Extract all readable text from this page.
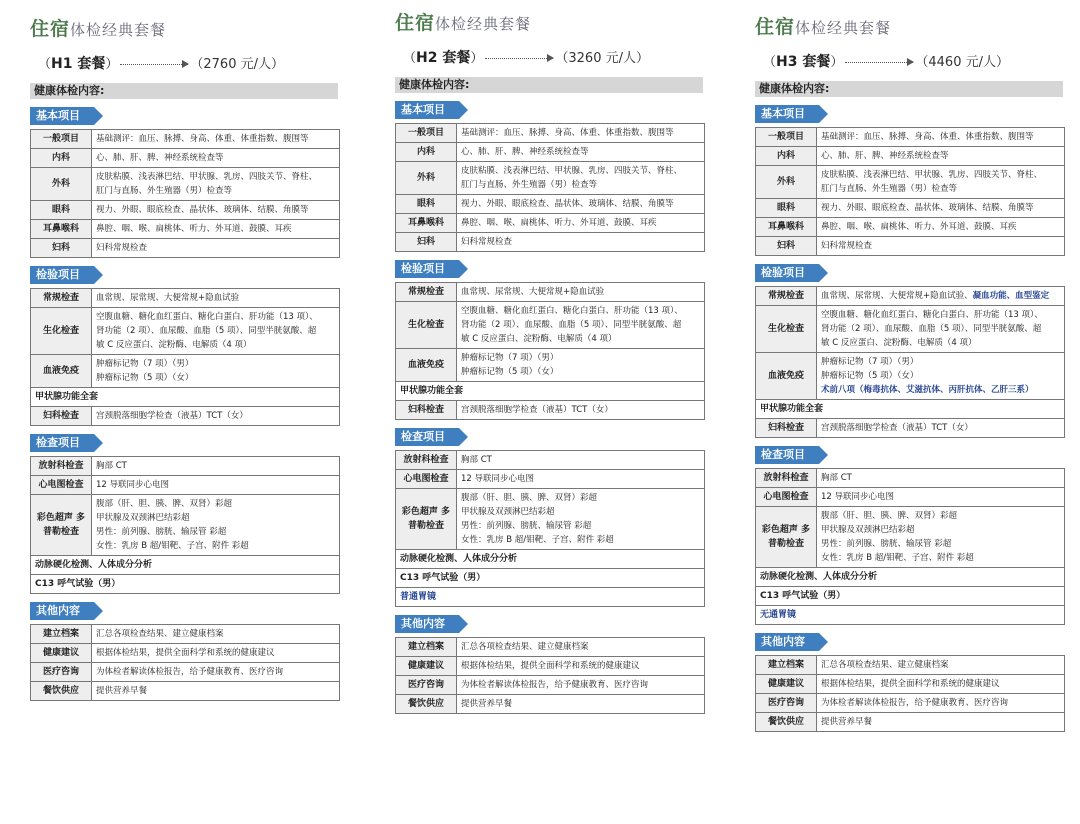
住宿体检经典套餐
（H1 套餐）	（2760 元/人）
健康体检内容:
基本项目
一般项目	基础测评：血压、脉搏、身高、体重、体重指数、腹围等

内科	心、肺、肝、脾、神经系统检查等

外科	皮肤粘膜、浅表淋巴结、甲状腺、乳房、四肢关节、脊柱、
肛门与直肠、外生殖器（男）检查等

眼科	视力、外眼、眼底检查、晶状体、玻璃体、结膜、角膜等

耳鼻喉科	鼻腔、咽、喉、扁桃体、听力、外耳道、鼓膜、耳疾

妇科	妇科常规检查
检验项目
常规检查	血常规、尿常规、大便常规+隐血试验

生化检查	空腹血糖、糖化血红蛋白、糖化白蛋白、肝功能（13 项）、
肾功能（2 项）、血尿酸、血脂（5 项）、同型半胱氨酸、超
敏 C 反应蛋白、淀粉酶、电解质（4 项）

血液免疫	肿瘤标记物（7 项）（男）
肿瘤标记物（5 项）（女）

甲状腺功能全套	
妇科检查	宫颈脱落细胞学检查（液基）TCT（女）
检查项目
放射科检查	胸部 CT

心电图检查	12 导联同步心电图

彩色超声 多普勒检查	腹部（肝、胆、胰、脾、双肾）彩超
甲状腺及双颈淋巴结彩超
男性：前列腺、膀胱、输尿管 彩超
女性：乳房 B 超/钼靶、子宫、附件 彩超

动脉硬化检测、人体成分分析	
C13 呼气试验（男）	
其他内容
建立档案	汇总各项检查结果、建立健康档案

健康建议	根据体检结果，提供全面科学和系统的健康建议

医疗咨询	为体检者解读体检报告，给予健康教育、医疗咨询

餐饮供应	提供营养早餐
住宿体检经典套餐
（H2 套餐）	（3260 元/人）
健康体检内容:
基本项目
一般项目	基础测评：血压、脉搏、身高、体重、体重指数、腹围等

内科	心、肺、肝、脾、神经系统检查等

外科	皮肤粘膜、浅表淋巴结、甲状腺、乳房、四肢关节、脊柱、
肛门与直肠、外生殖器（男）检查等

眼科	视力、外眼、眼底检查、晶状体、玻璃体、结膜、角膜等

耳鼻喉科	鼻腔、咽、喉、扁桃体、听力、外耳道、鼓膜、耳疾

妇科	妇科常规检查
检验项目
常规检查	血常规、尿常规、大便常规+隐血试验

生化检查	空腹血糖、糖化血红蛋白、糖化白蛋白、肝功能（13 项）、
肾功能（2 项）、血尿酸、血脂（5 项）、同型半胱氨酸、超
敏 C 反应蛋白、淀粉酶、电解质（4 项）

血液免疫	肿瘤标记物（7 项）（男）
肿瘤标记物（5 项）（女）

甲状腺功能全套	
妇科检查	宫颈脱落细胞学检查（液基）TCT（女）
检查项目
放射科检查	胸部 CT

心电图检查	12 导联同步心电图

彩色超声 多普勒检查	腹部（肝、胆、胰、脾、双肾）彩超
甲状腺及双颈淋巴结彩超
男性：前列腺、膀胱、输尿管 彩超
女性：乳房 B 超/钼靶、子宫、附件 彩超

动脉硬化检测、人体成分分析	
C13 呼气试验（男）	
普通胃镜	
其他内容
建立档案	汇总各项检查结果、建立健康档案

健康建议	根据体检结果，提供全面科学和系统的健康建议

医疗咨询	为体检者解读体检报告，给予健康教育、医疗咨询

餐饮供应	提供营养早餐
住宿体检经典套餐
（H3 套餐）	（4460 元/人）
健康体检内容:
基本项目
一般项目	基础测评：血压、脉搏、身高、体重、体重指数、腹围等

内科	心、肺、肝、脾、神经系统检查等

外科	皮肤粘膜、浅表淋巴结、甲状腺、乳房、四肢关节、脊柱、
肛门与直肠、外生殖器（男）检查等

眼科	视力、外眼、眼底检查、晶状体、玻璃体、结膜、角膜等

耳鼻喉科	鼻腔、咽、喉、扁桃体、听力、外耳道、鼓膜、耳疾

妇科	妇科常规检查
检验项目
常规检查	血常规、尿常规、大便常规+隐血试验、凝血功能、血型鉴定

生化检查	空腹血糖、糖化血红蛋白、糖化白蛋白、肝功能（13 项）、
肾功能（2 项）、血尿酸、血脂（5 项）、同型半胱氨酸、超
敏 C 反应蛋白、淀粉酶、电解质（4 项）

血液免疫	肿瘤标记物（7 项）（男）
肿瘤标记物（5 项）（女）
术前八项（梅毒抗体、艾滋抗体、丙肝抗体、乙肝三系）

甲状腺功能全套	
妇科检查	宫颈脱落细胞学检查（液基）TCT（女）
检查项目
放射科检查	胸部 CT

心电图检查	12 导联同步心电图

彩色超声 多普勒检查	腹部（肝、胆、胰、脾、双肾）彩超
甲状腺及双颈淋巴结彩超
男性：前列腺、膀胱、输尿管 彩超
女性：乳房 B 超/钼靶、子宫、附件 彩超

动脉硬化检测、人体成分分析	
C13 呼气试验（男）	
无通胃镜	
其他内容
建立档案	汇总各项检查结果、建立健康档案

健康建议	根据体检结果，提供全面科学和系统的健康建议

医疗咨询	为体检者解读体检报告，给予健康教育、医疗咨询

餐饮供应	提供营养早餐
